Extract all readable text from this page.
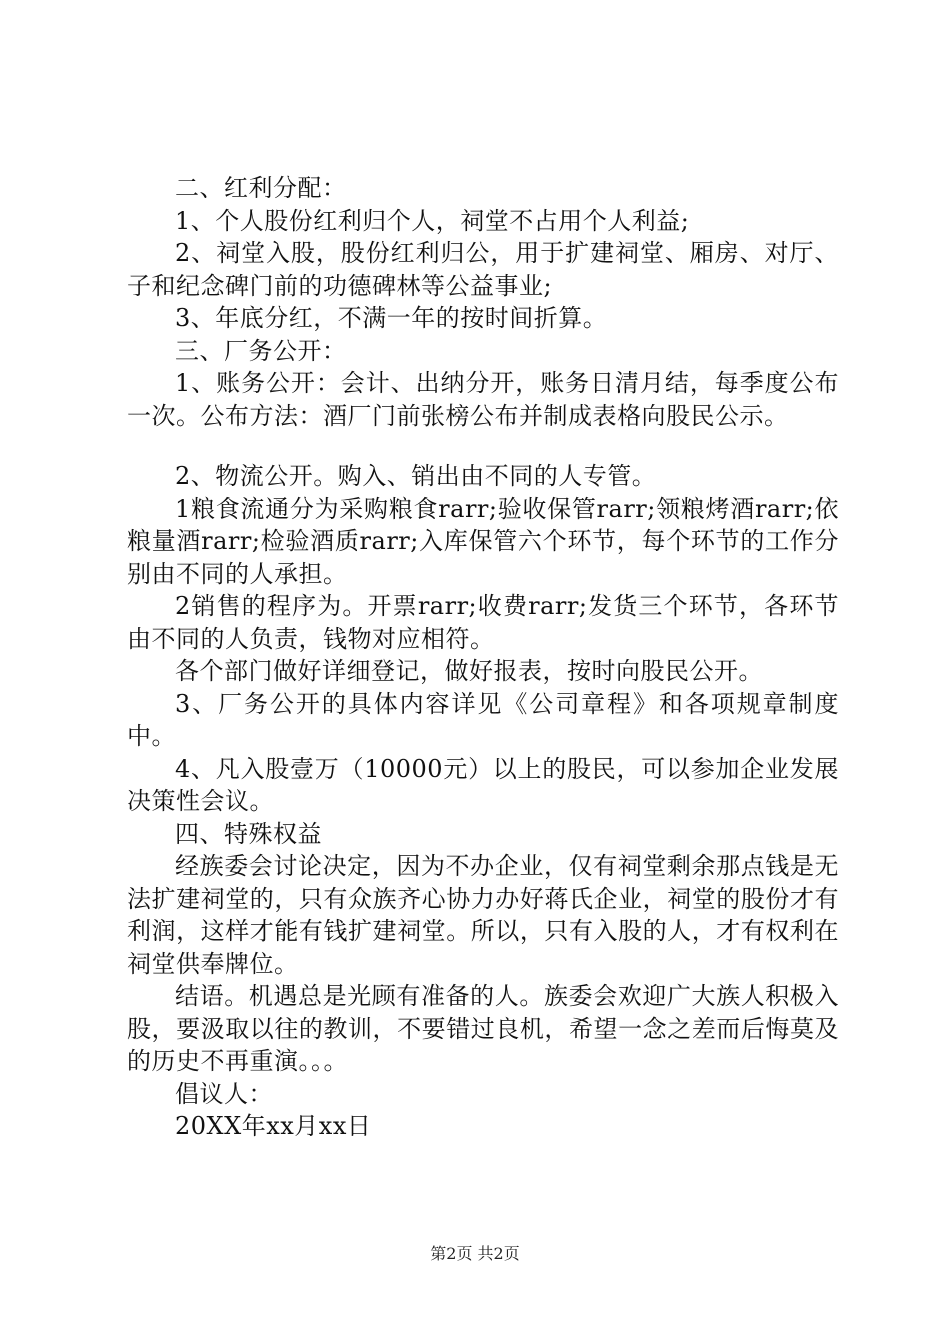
二、红利分配：

1、个人股份红利归个人，祠堂不占用个人利益;

2、祠堂入股，股份红利归公，用于扩建祠堂、厢房、对厅、子和纪念碑门前的功德碑林等公益事业;

3、年底分红，不满一年的按时间折算。

三、厂务公开：

1、账务公开：会计、出纳分开，账务日清月结，每季度公布一次。公布方法：酒厂门前张榜公布并制成表格向股民公示。

2、物流公开。购入、销出由不同的人专管。

1粮食流通分为采购粮食rarr;验收保管rarr;领粮烤酒rarr;依粮量酒rarr;检验酒质rarr;入库保管六个环节，每个环节的工作分别由不同的人承担。

2销售的程序为。开票rarr;收费rarr;发货三个环节，各环节由不同的人负责，钱物对应相符。

各个部门做好详细登记，做好报表，按时向股民公开。

3、厂务公开的具体内容详见《公司章程》和各项规章制度中。

4、凡入股壹万（10000元）以上的股民，可以参加企业发展决策性会议。

四、特殊权益

经族委会讨论决定，因为不办企业，仅有祠堂剩余那点钱是无法扩建祠堂的，只有众族齐心协力办好蒋氏企业，祠堂的股份才有利润，这样才能有钱扩建祠堂。所以，只有入股的人，才有权利在祠堂供奉牌位。

结语。机遇总是光顾有准备的人。族委会欢迎广大族人积极入股，要汲取以往的教训，不要错过良机，希望一念之差而后悔莫及的历史不再重演。。。

倡议人：

20XX年xx月xx日

第2页 共2页
